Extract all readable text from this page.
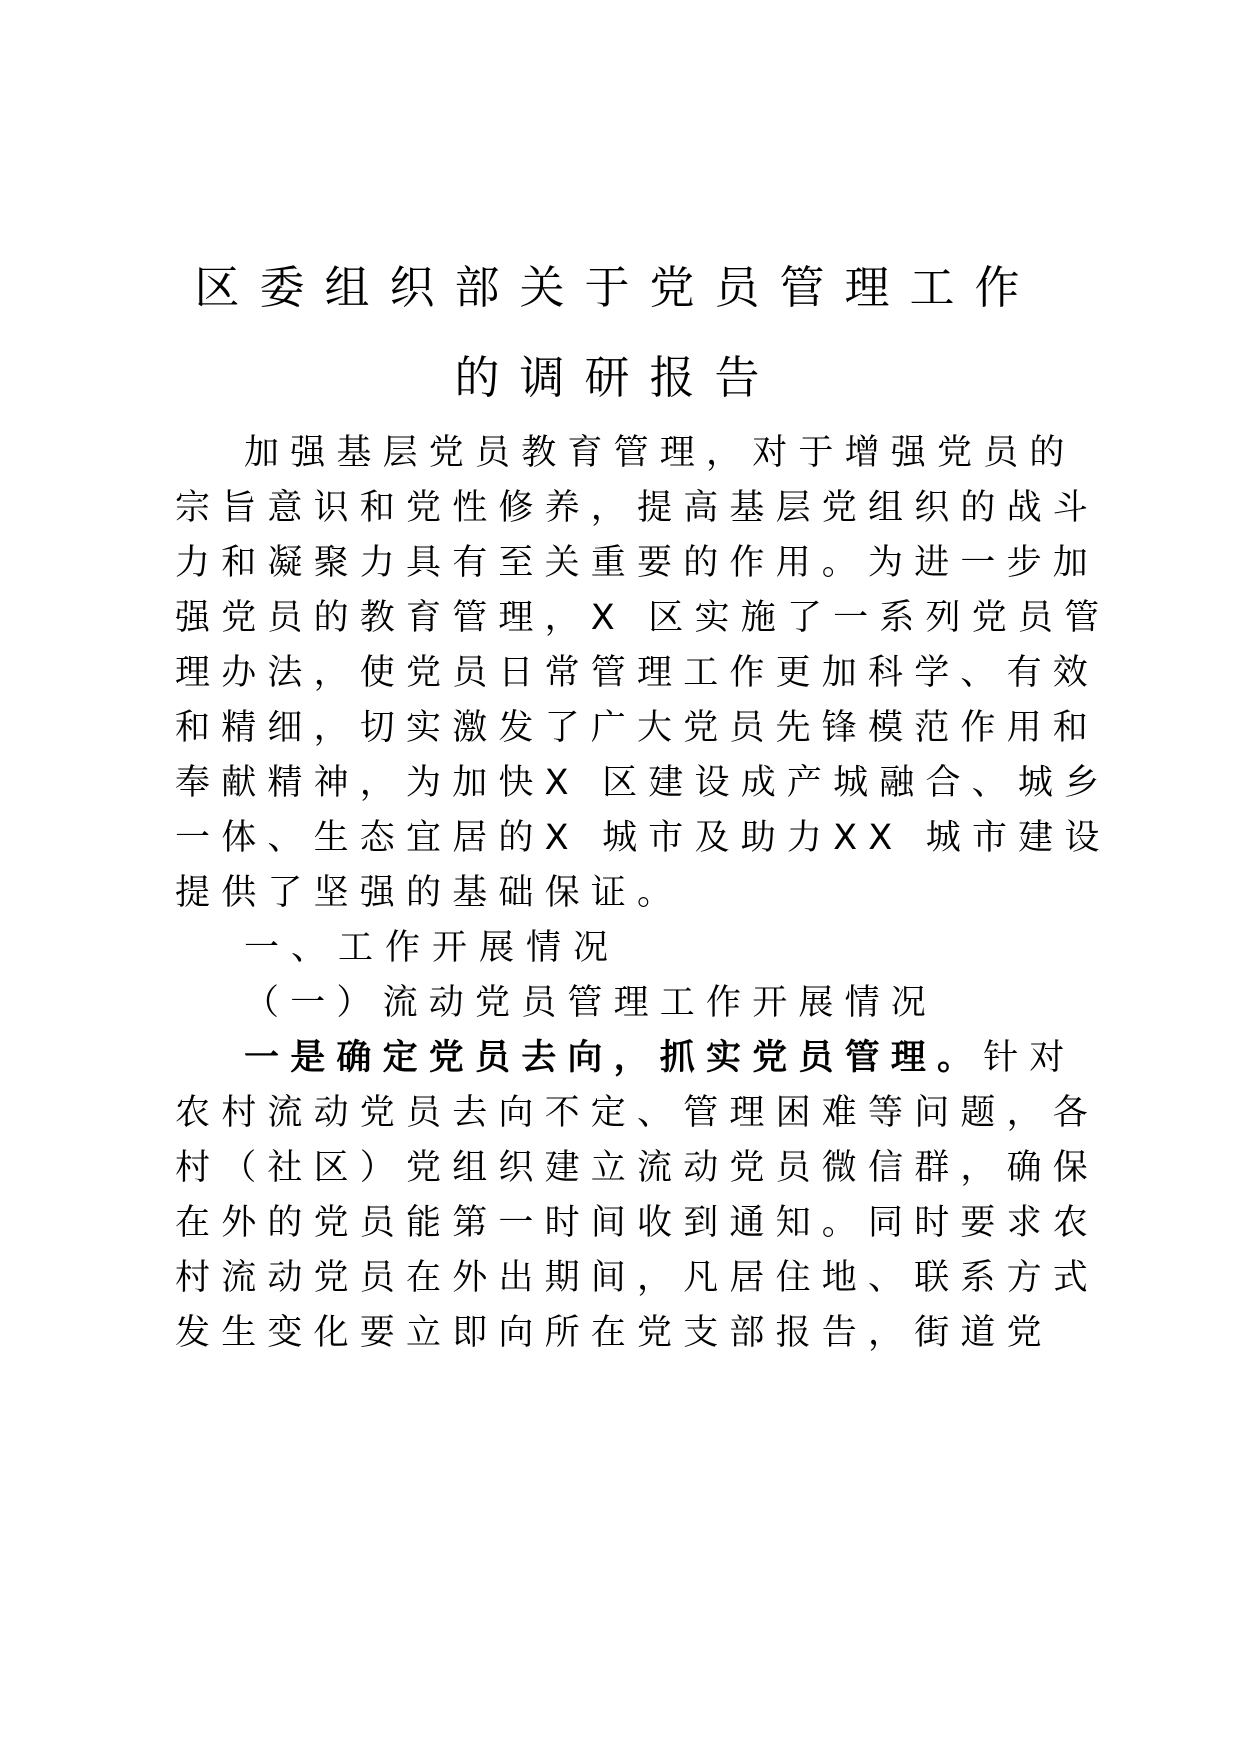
区委组织部关于党员管理工作
的调研报告
加强基层党员教育管理，对于增强党员的
宗旨意识和党性修养，提高基层党组织的战斗
力和凝聚力具有至关重要的作用。为进一步加
强党员的教育管理，X 区实施了一系列党员管
理办法，使党员日常管理工作更加科学、有效
和精细，切实激发了广大党员先锋模范作用和
奉献精神，为加快X 区建设成产城融合、城乡
一体、生态宜居的X 城市及助力XX 城市建设
提供了坚强的基础保证。
一、工作开展情况
（一）流动党员管理工作开展情况
一是确定党员去向，抓实党员管理。针对
农村流动党员去向不定、管理困难等问题，各
村（社区）党组织建立流动党员微信群，确保
在外的党员能第一时间收到通知。同时要求农
村流动党员在外出期间，凡居住地、联系方式
发生变化要立即向所在党支部报告，街道党
